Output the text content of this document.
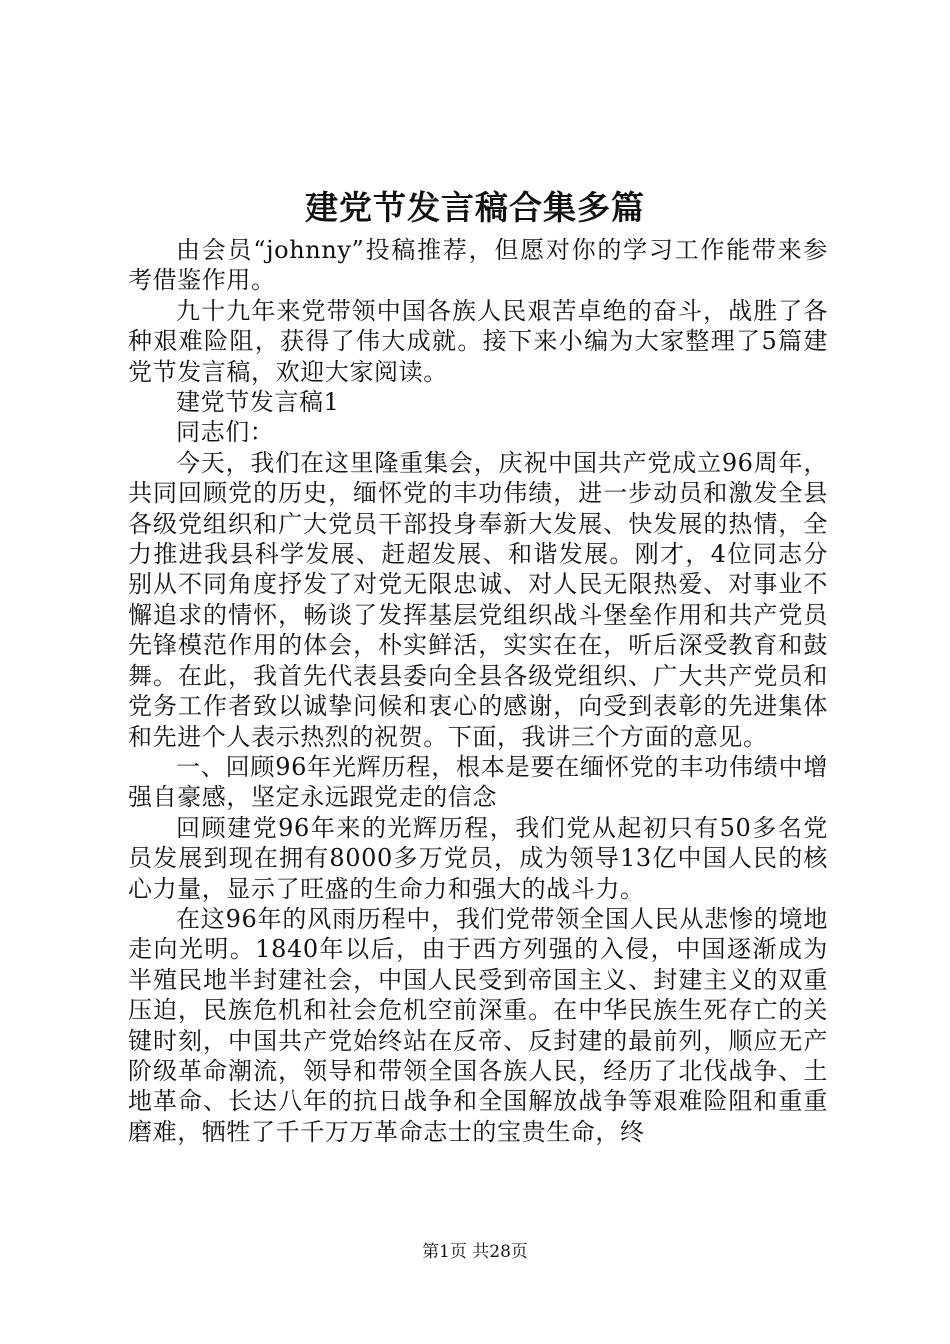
建党节发言稿合集多篇

由会员“johnny”投稿推荐，但愿对你的学习工作能带来参考借鉴作用。

九十九年来党带领中国各族人民艰苦卓绝的奋斗，战胜了各种艰难险阻，获得了伟大成就。接下来小编为大家整理了5篇建党节发言稿，欢迎大家阅读。

建党节发言稿1

同志们：

今天，我们在这里隆重集会，庆祝中国共产党成立96周年，共同回顾党的历史，缅怀党的丰功伟绩，进一步动员和激发全县各级党组织和广大党员干部投身奉新大发展、快发展的热情，全力推进我县科学发展、赶超发展、和谐发展。刚才，4位同志分别从不同角度抒发了对党无限忠诚、对人民无限热爱、对事业不懈追求的情怀，畅谈了发挥基层党组织战斗堡垒作用和共产党员先锋模范作用的体会，朴实鲜活，实实在在，听后深受教育和鼓舞。在此，我首先代表县委向全县各级党组织、广大共产党员和党务工作者致以诚挚问候和衷心的感谢，向受到表彰的先进集体和先进个人表示热烈的祝贺。下面，我讲三个方面的意见。

一、回顾96年光辉历程，根本是要在缅怀党的丰功伟绩中增强自豪感，坚定永远跟党走的信念

回顾建党96年来的光辉历程，我们党从起初只有50多名党员发展到现在拥有8000多万党员，成为领导13亿中国人民的核心力量，显示了旺盛的生命力和强大的战斗力。

在这96年的风雨历程中，我们党带领全国人民从悲惨的境地走向光明。1840年以后，由于西方列强的入侵，中国逐渐成为半殖民地半封建社会，中国人民受到帝国主义、封建主义的双重压迫，民族危机和社会危机空前深重。在中华民族生死存亡的关键时刻，中国共产党始终站在反帝、反封建的最前列，顺应无产阶级革命潮流，领导和带领全国各族人民，经历了北伐战争、土地革命、长达八年的抗日战争和全国解放战争等艰难险阻和重重磨难，牺牲了千千万万革命志士的宝贵生命，终

第1页 共28页
